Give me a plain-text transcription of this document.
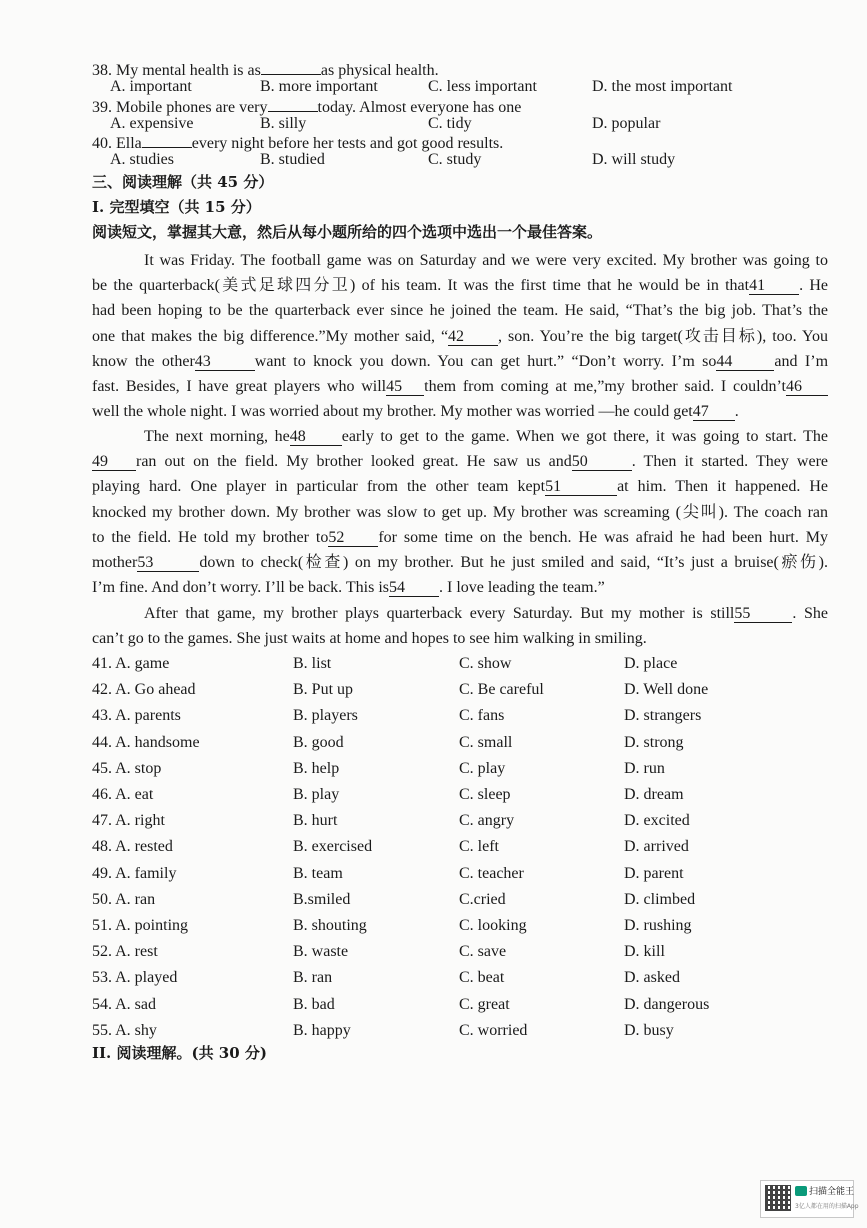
38. My mental health is as	as physical health.
A. important	B. more important	C. less important	D. the most important
39. Mobile phones are very	today. Almost everyone has one
A. expensive	B. silly	C. tidy	D. popular
40. Ella	every night before her tests and got good results.
A. studies	B. studied	C. study	D. will study
三、阅读理解（共 45 分）
I. 完型填空（共 15 分）
阅读短文，掌握其大意，然后从每小题所给的四个选项中选出一个最佳答案。
It was Friday. The football game was on Saturday and we were very excited. My brother was going to
be the quarterback(美式足球四分卫) of his team. It was the first time that he would be in that41 . He
had been hoping to be the quarterback ever since he joined the team. He said, “That’s the big job. That’s the
one that makes the big difference.”My mother said, “42 , son. You’re the big target(攻击目标), too. You
know the other43	want to knock you down. You can get hurt.” “Don’t worry. I’m so44	and I’m
fast. Besides, I have great players who will45 them from coming at me,”my brother said. I couldn’t46
well the whole night. I was worried about my brother. My mother was worried —he could get47 .
The next morning, he48 early to get to the game. When we got there, it was going to start. The
49 ran out on the field. My brother looked great. He saw us and50	. Then it started. They were
playing hard. One player in particular from the other team kept51	at him. Then it happened. He
knocked my brother down. My brother was slow to get up. My brother was screaming (尖叫). The coach ran
to the field. He told my brother to52 for some time on the bench. He was afraid he had been hurt. My
mother53	down to check(检查) on my brother. But he just smiled and said, “It’s just a bruise(瘀伤).
I’m fine. And don’t worry. I’ll be back. This is54 . I love leading the team.”
After that game, my brother plays quarterback every Saturday. But my mother is still55	. She
can’t go to the games. She just waits at home and hopes to see him walking in smiling.
41. A. game	B. list	C. show	D. place
42. A. Go ahead	B. Put up	C. Be careful	D. Well done
43. A. parents	B. players	C. fans	D. strangers
44. A. handsome	B. good	C. small	D. strong
45. A. stop	B. help	C. play	D. run
46. A. eat	B. play	C. sleep	D. dream
47. A. right	B. hurt	C. angry	D. excited
48. A. rested	B. exercised	C. left	D. arrived
49. A. family	B. team	C. teacher	D. parent
50. A. ran	B.smiled	C.cried	D. climbed
51. A. pointing	B. shouting	C. looking	D. rushing
52. A. rest	B. waste	C. save	D. kill
53. A. played	B. ran	C. beat	D. asked
54. A. sad	B. bad	C. great	D. dangerous
55. A. shy	B. happy	C. worried	D. busy
II. 阅读理解。(共 30 分)
扫描全能王
3亿人都在用的扫描App
